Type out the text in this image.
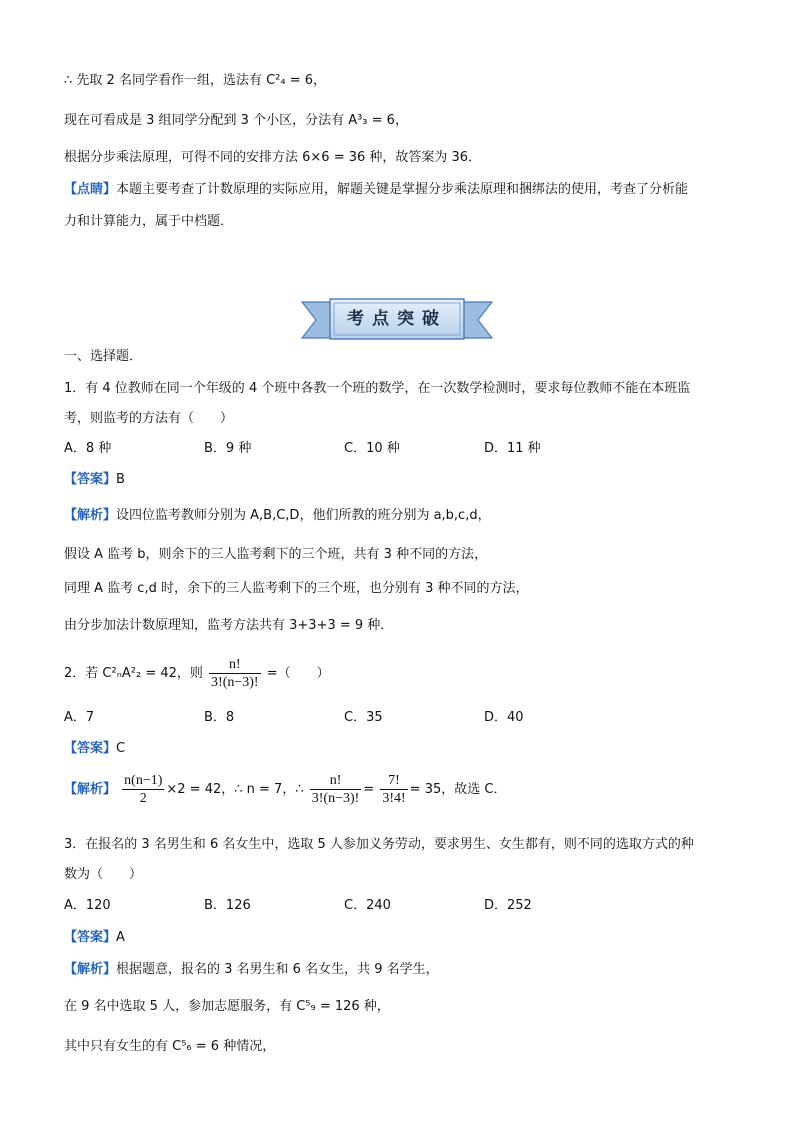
∴ 先取 2 名同学看作一组，选法有 C²₄ = 6，
现在可看成是 3 组同学分配到 3 个小区，分法有 A³₃ = 6，
根据分步乘法原理，可得不同的安排方法 6×6 = 36 种，故答案为 36．
【点睛】本题主要考查了计数原理的实际应用，解题关键是掌握分步乘法原理和捆绑法的使用，考查了分析能
力和计算能力，属于中档题．
考点突破
一、选择题．
1．有 4 位教师在同一个年级的 4 个班中各教一个班的数学，在一次数学检测时，要求每位教师不能在本班监
考，则监考的方法有（　　）
A．8 种	B．9 种	C．10 种	D．11 种
【答案】B
【解析】设四位监考教师分别为 A,B,C,D，他们所教的班分别为 a,b,c,d，
假设 A 监考 b，则余下的三人监考剩下的三个班，共有 3 种不同的方法，
同理 A 监考 c,d 时，余下的三人监考剩下的三个班，也分别有 3 种不同的方法，
由分步加法计数原理知，监考方法共有 3+3+3 = 9 种．
2．若 C²ₙA²₂ = 42，则 $\frac{n!}{3!(n-3)!}$ =（　　）
A．7	B．8	C．35	D．40
【答案】C
【解析】 $\frac{n(n-1)}{2} \times 2 = 42$，∴ n = 7，∴ $\frac{n!}{3!(n-3)!} = \frac{7!}{3!4!} = 35$，故选 C．
3．在报名的 3 名男生和 6 名女生中，选取 5 人参加义务劳动，要求男生、女生都有，则不同的选取方式的种
数为（　　）
A．120	B．126	C．240	D．252
【答案】A
【解析】根据题意，报名的 3 名男生和 6 名女生，共 9 名学生，
在 9 名中选取 5 人，参加志愿服务，有 C⁵₉ = 126 种，
其中只有女生的有 C⁵₆ = 6 种情况，
